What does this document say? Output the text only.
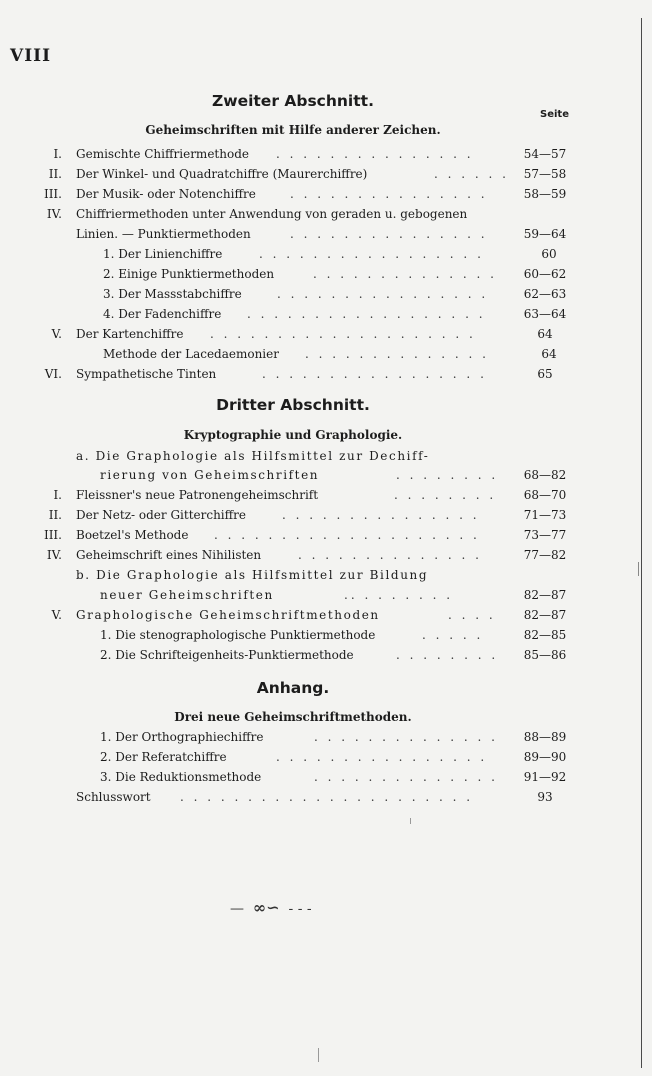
VIII
Zweiter Abschnitt.
Seite
Geheimschriften mit Hilfe anderer Zeichen.
I. Gemischte Chiffriermethode . . . . . . . . . . . . . . .	54—57
II. Der Winkel- und Quadratchiffre (Maurerchiffre)	. . . . . .	57—58
III. Der Musik- oder Notenchiffre	. . . . . . . . . . . . . . .	58—59
IV. Chiffriermethoden unter Anwendung von geraden u. gebogenen
Linien. — Punktiermethoden	. . . . . . . . . . . . . . .	59—64
1. Der Linienchiffre	. . . . . . . . . . . . . . . . .	60
2. Einige Punktiermethoden	. . . . . . . . . . . . . .	60—62
3. Der Massstabchiffre	. . . . . . . . . . . . . . . .	62—63
4. Der Fadenchiffre . . . . . . . . . . . . . . . . . .	63—64
V. Der Kartenchiffre . . . . . . . . . . . . . . . . . . . .	64
Methode der Lacedaemonier . . . . . . . . . . . . . .	64
VI. Sympathetische Tinten	. . . . . . . . . . . . . . . . .	65
Dritter Abschnitt.
Kryptographie und Graphologie.
a. Die Graphologie als Hilfsmittel zur Dechiff-
rierung von Geheimschriften	. . . . . . . .	68—82
I. Fleissner's neue Patronengeheimschrift	. . . . . . . .	68—70
II. Der Netz- oder Gitterchiffre	. . . . . . . . . . . . . . .	71—73
III. Boetzel's Methode . . . . . . . . . . . . . . . . . . . .	73—77
IV. Geheimschrift eines Nihilisten	. . . . . . . . . . . . . .	77—82
b. Die Graphologie als Hilfsmittel zur Bildung
neuer Geheimschriften	.. . . . . . . .	82—87
V. Graphologische Geheimschriftmethoden	. . . .	82—87
1. Die stenographologische Punktiermethode	. . . . .	82—85
2. Die Schrifteigenheits-Punktiermethode	. . . . . . . .	85—86
Anhang.
Drei neue Geheimschriftmethoden.
1. Der Orthographiechiffre	. . . . . . . . . . . . . .	88—89
2. Der Referatchiffre	. . . . . . . . . . . . . . . .	89—90
3. Die Reduktionsmethode	. . . . . . . . . . . . . .	91—92
Schlusswort . . . . . . . . . . . . . . . . . . . . . .	93
—  ∞∽  - - -
